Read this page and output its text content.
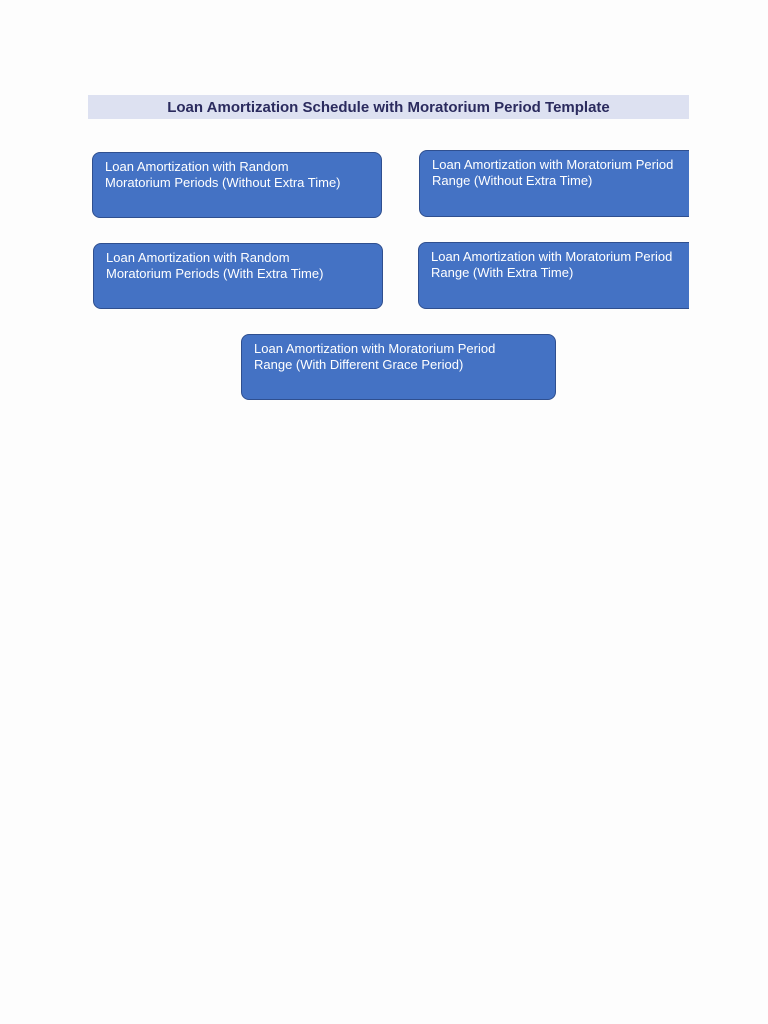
Loan Amortization Schedule with Moratorium Period Template
Loan Amortization with Random
Moratorium Periods (Without Extra Time)
Loan Amortization with Moratorium Period
Range (Without Extra Time)
Loan Amortization with Random
Moratorium Periods (With Extra Time)
Loan Amortization with Moratorium Period
Range (With Extra Time)
Loan Amortization with Moratorium Period
Range (With Different Grace Period)
